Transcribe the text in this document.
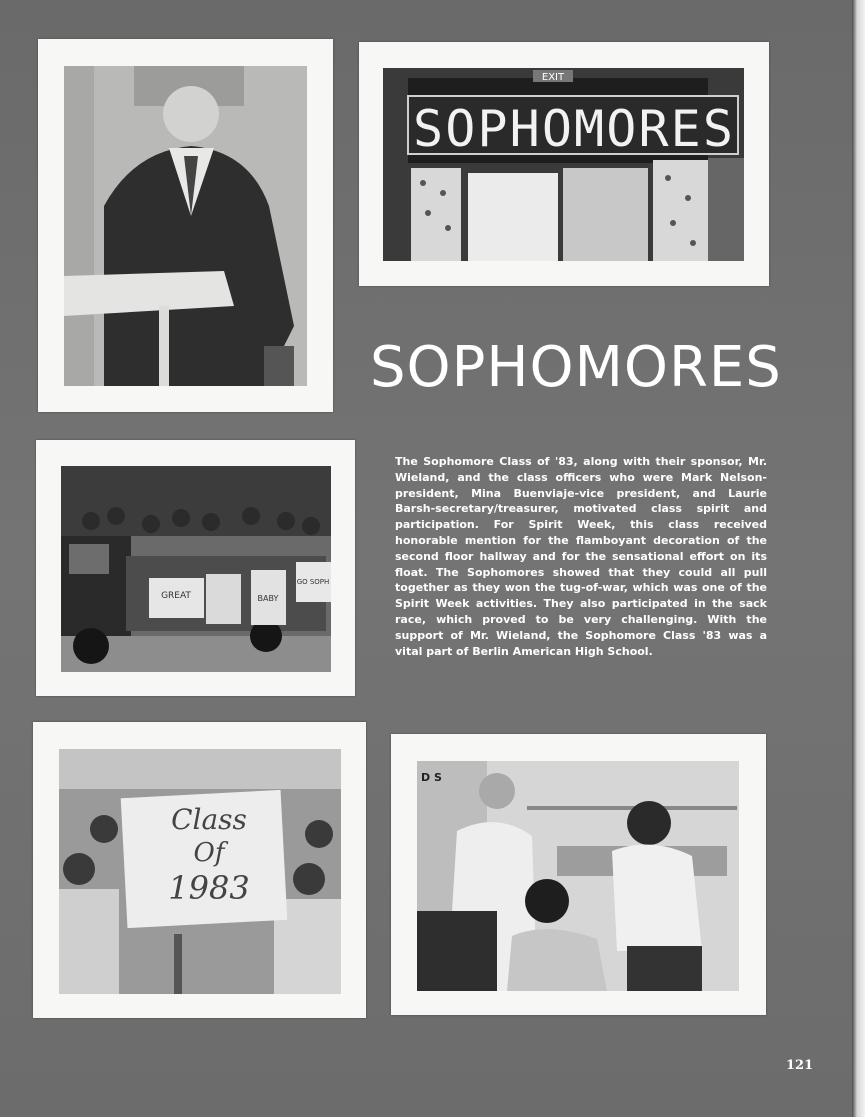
EXIT
SOPHOMORES
SOPHOMORES
GREAT	BABY
GO SOPH

The Sophomore Class of '83, along with their sponsor, Mr. Wieland, and the class officers who were Mark Nelson-president, Mina Buenviaje-vice president, and Laurie Barsh-secretary/treasurer, motivated class spirit and participation. For Spirit Week, this class received honorable mention for the flamboyant decoration of the second floor hallway and for the sensational effort on its float. The Sophomores showed that they could all pull together as they won the tug-of-war, which was one of the Spirit Week activities. They also participated in the sack race, which proved to be very challenging. With the support of Mr. Wieland, the Sophomore Class '83 was a vital part of Berlin American High School.

Class
Of
1983
D S
121
